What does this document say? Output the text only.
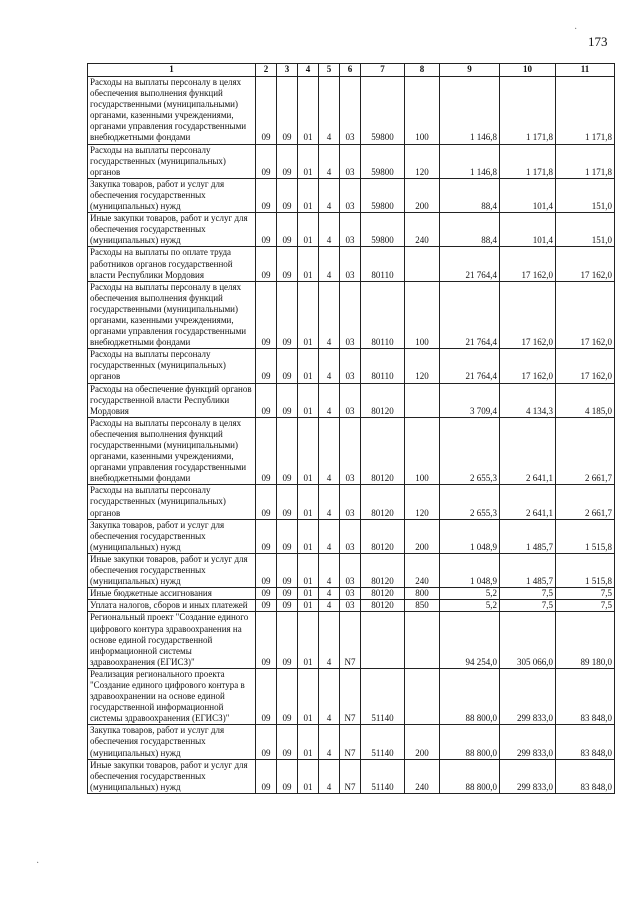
173
1	2	3	4	5	6	7	8	9	10	11
Расходы на выплаты персоналу в целях обеспечения выполнения функций государственными (муниципальными) органами, казенными учреждениями, органами управления государственными внебюджетными фондами	09	09	01	4	03	59800	100	1 146,8	1 171,8	1 171,8
Расходы на выплаты персоналу государственных (муниципальных) органов	09	09	01	4	03	59800	120	1 146,8	1 171,8	1 171,8
Закупка товаров, работ и услуг для обеспечения государственных (муниципальных) нужд	09	09	01	4	03	59800	200	88,4	101,4	151,0
Иные закупки товаров, работ и услуг для обеспечения государственных (муниципальных) нужд	09	09	01	4	03	59800	240	88,4	101,4	151,0
Расходы на выплаты по оплате труда работников органов государственной власти Республики Мордовия	09	09	01	4	03	80110		21 764,4	17 162,0	17 162,0
Расходы на выплаты персоналу в целях обеспечения выполнения функций государственными (муниципальными) органами, казенными учреждениями, органами управления государственными внебюджетными фондами	09	09	01	4	03	80110	100	21 764,4	17 162,0	17 162,0
Расходы на выплаты персоналу государственных (муниципальных) органов	09	09	01	4	03	80110	120	21 764,4	17 162,0	17 162,0
Расходы на обеспечение функций органов государственной власти Республики Мордовия	09	09	01	4	03	80120		3 709,4	4 134,3	4 185,0
Расходы на выплаты персоналу в целях обеспечения выполнения функций государственными (муниципальными) органами, казенными учреждениями, органами управления государственными внебюджетными фондами	09	09	01	4	03	80120	100	2 655,3	2 641,1	2 661,7
Расходы на выплаты персоналу государственных (муниципальных) органов	09	09	01	4	03	80120	120	2 655,3	2 641,1	2 661,7
Закупка товаров, работ и услуг для обеспечения государственных (муниципальных) нужд	09	09	01	4	03	80120	200	1 048,9	1 485,7	1 515,8
Иные закупки товаров, работ и услуг для обеспечения государственных (муниципальных) нужд	09	09	01	4	03	80120	240	1 048,9	1 485,7	1 515,8
Иные бюджетные ассигнования	09	09	01	4	03	80120	800	5,2	7,5	7,5
Уплата налогов, сборов и иных платежей	09	09	01	4	03	80120	850	5,2	7,5	7,5
Региональный проект "Создание единого цифрового контура здравоохранения на основе единой государственной информационной системы здравоохранения (ЕГИСЗ)"	09	09	01	4	N7			94 254,0	305 066,0	89 180,0
Реализация регионального проекта "Создание единого цифрового контура в здравоохранении на основе единой государственной информационной системы здравоохранения (ЕГИСЗ)"	09	09	01	4	N7	51140		88 800,0	299 833,0	83 848,0
Закупка товаров, работ и услуг для обеспечения государственных (муниципальных) нужд	09	09	01	4	N7	51140	200	88 800,0	299 833,0	83 848,0
Иные закупки товаров, работ и услуг для обеспечения государственных (муниципальных) нужд	09	09	01	4	N7	51140	240	88 800,0	299 833,0	83 848,0
·
·
